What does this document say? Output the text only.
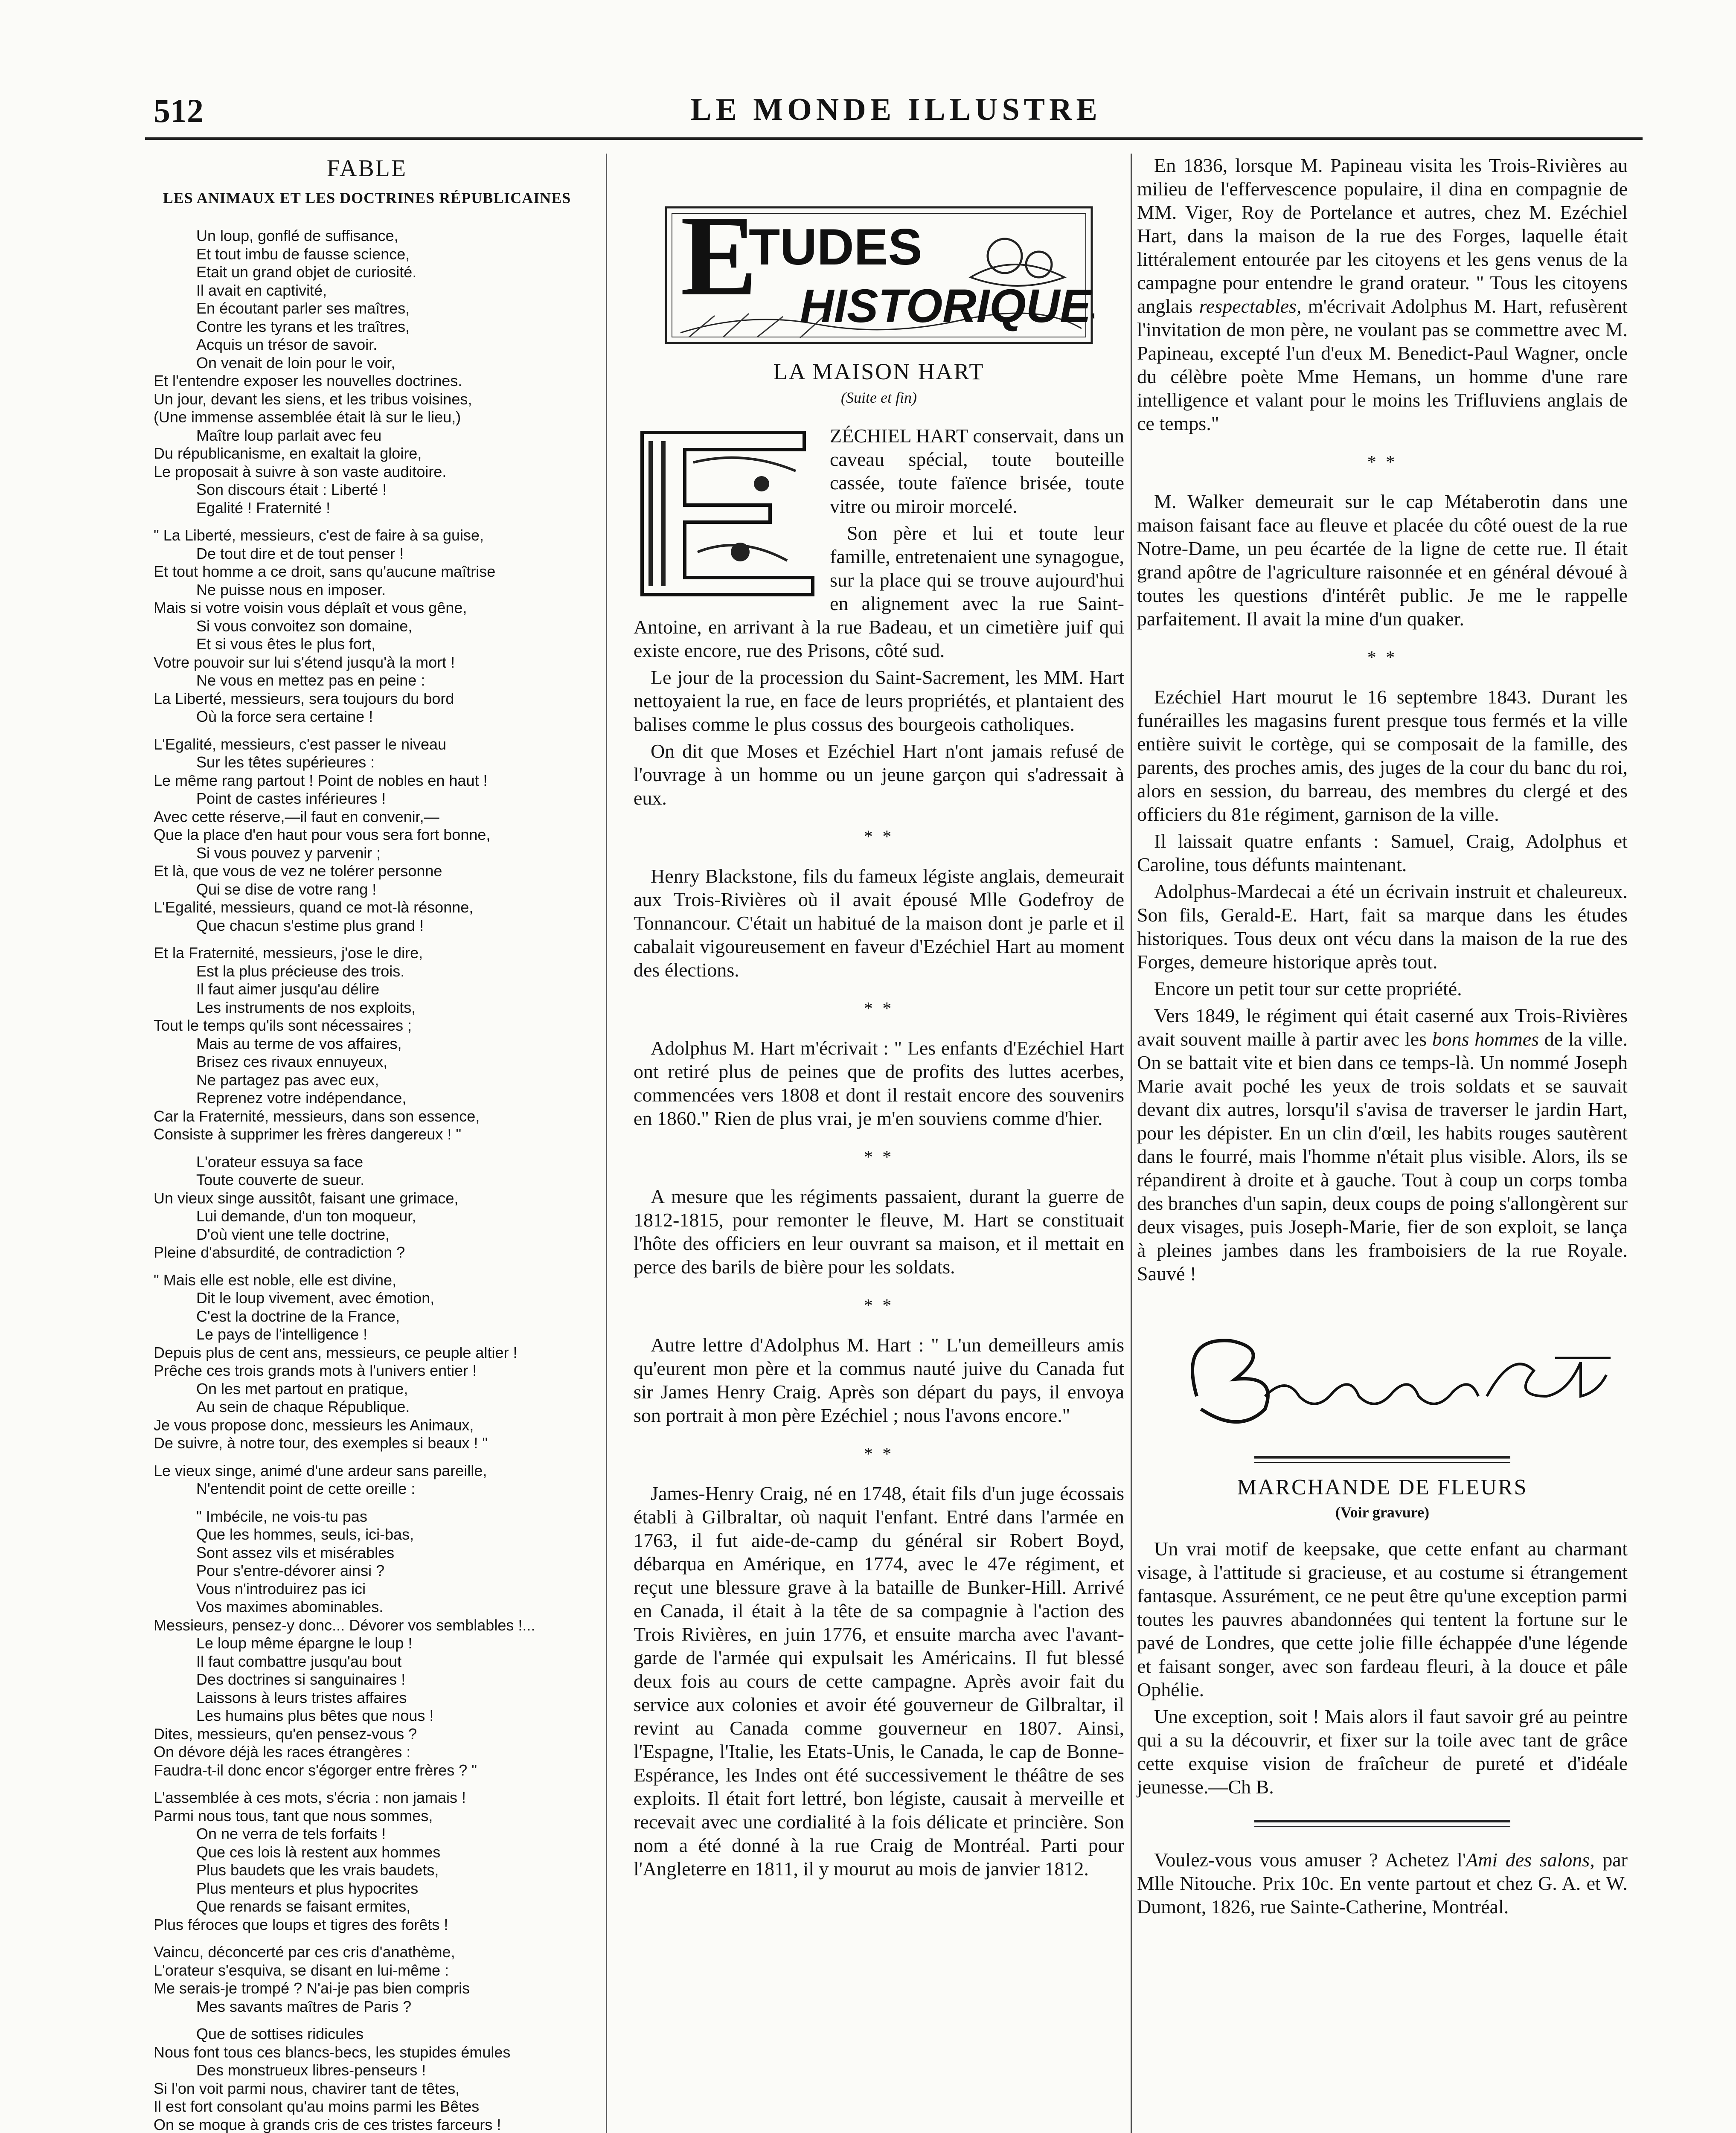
512	LE MONDE ILLUSTRE
FABLE
LES ANIMAUX ET LES DOCTRINES RÉPUBLICAINES
Un loup, gonflé de suffisance,
Et tout imbu de fausse science,
Etait un grand objet de curiosité.
Il avait en captivité,
En écoutant parler ses maîtres,
Contre les tyrans et les traîtres,
Acquis un trésor de savoir.
On venait de loin pour le voir,
Et l'entendre exposer les nouvelles doctrines.
Un jour, devant les siens, et les tribus voisines,
(Une immense assemblée était là sur le lieu,)
Maître loup parlait avec feu
Du républicanisme, en exaltait la gloire,
Le proposait à suivre à son vaste auditoire.
Son discours était : Liberté !
Egalité ! Fraternité !
" La Liberté, messieurs, c'est de faire à sa guise,
De tout dire et de tout penser !
Et tout homme a ce droit, sans qu'aucune maîtrise
Ne puisse nous en imposer.
Mais si votre voisin vous déplaît et vous gêne,
Si vous convoitez son domaine,
Et si vous êtes le plus fort,
Votre pouvoir sur lui s'étend jusqu'à la mort !
Ne vous en mettez pas en peine :
La Liberté, messieurs, sera toujours du bord
Où la force sera certaine !
L'Egalité, messieurs, c'est passer le niveau
Sur les têtes supérieures :
Le même rang partout ! Point de nobles en haut !
Point de castes inférieures !
Avec cette réserve,—il faut en convenir,—
Que la place d'en haut pour vous sera fort bonne,
Si vous pouvez y parvenir ;
Et là, que vous de vez ne tolérer personne
Qui se dise de votre rang !
L'Egalité, messieurs, quand ce mot-là résonne,
Que chacun s'estime plus grand !
Et la Fraternité, messieurs, j'ose le dire,
Est la plus précieuse des trois.
Il faut aimer jusqu'au délire
Les instruments de nos exploits,
Tout le temps qu'ils sont nécessaires ;
Mais au terme de vos affaires,
Brisez ces rivaux ennuyeux,
Ne partagez pas avec eux,
Reprenez votre indépendance,
Car la Fraternité, messieurs, dans son essence,
Consiste à supprimer les frères dangereux ! "
L'orateur essuya sa face
Toute couverte de sueur.
Un vieux singe aussitôt, faisant une grimace,
Lui demande, d'un ton moqueur,
D'où vient une telle doctrine,
Pleine d'absurdité, de contradiction ?
" Mais elle est noble, elle est divine,
Dit le loup vivement, avec émotion,
C'est la doctrine de la France,
Le pays de l'intelligence !
Depuis plus de cent ans, messieurs, ce peuple altier !
Prêche ces trois grands mots à l'univers entier !
On les met partout en pratique,
Au sein de chaque République.
Je vous propose donc, messieurs les Animaux,
De suivre, à notre tour, des exemples si beaux ! "
Le vieux singe, animé d'une ardeur sans pareille,
N'entendit point de cette oreille :
" Imbécile, ne vois-tu pas
Que les hommes, seuls, ici-bas,
Sont assez vils et misérables
Pour s'entre-dévorer ainsi ?
Vous n'introduirez pas ici
Vos maximes abominables.
Messieurs, pensez-y donc... Dévorer vos semblables !...
Le loup même épargne le loup !
Il faut combattre jusqu'au bout
Des doctrines si sanguinaires !
Laissons à leurs tristes affaires
Les humains plus bêtes que nous !
Dites, messieurs, qu'en pensez-vous ?
On dévore déjà les races étrangères :
Faudra-t-il donc encor s'égorger entre frères ? "
L'assemblée à ces mots, s'écria : non jamais !
Parmi nous tous, tant que nous sommes,
On ne verra de tels forfaits !
Que ces lois là restent aux hommes
Plus baudets que les vrais baudets,
Plus menteurs et plus hypocrites
Que renards se faisant ermites,
Plus féroces que loups et tigres des forêts !
Vaincu, déconcerté par ces cris d'anathème,
L'orateur s'esquiva, se disant en lui-même :
Me serais-je trompé ? N'ai-je pas bien compris
Mes savants maîtres de Paris ?
Que de sottises ridicules
Nous font tous ces blancs-becs, les stupides émules
Des monstrueux libres-penseurs !
Si l'on voit parmi nous, chavirer tant de têtes,
Il est fort consolant qu'au moins parmi les Bêtes
On se moque à grands cris de ces tristes farceurs !
E
TUDES
HISTORIQUES
LA MAISON HART
(Suite et fin)

ZÉCHIEL HART conservait, dans un caveau spécial, toute bouteille cassée, toute faïence brisée, toute vitre ou miroir morcelé.

Son père et lui et toute leur famille, entretenaient une synagogue, sur la place qui se trouve aujourd'hui en alignement avec la rue Saint-Antoine, en arrivant à la rue Badeau, et un cimetière juif qui existe encore, rue des Prisons, côté sud.

Le jour de la procession du Saint-Sacrement, les MM. Hart nettoyaient la rue, en face de leurs propriétés, et plantaient des balises comme le plus cossus des bourgeois catholiques.

On dit que Moses et Ezéchiel Hart n'ont jamais refusé de l'ouvrage à un homme ou un jeune garçon qui s'adressait à eux.

* *

Henry Blackstone, fils du fameux légiste anglais, demeurait aux Trois-Rivières où il avait épousé Mlle Godefroy de Tonnancour. C'était un habitué de la maison dont je parle et il cabalait vigoureusement en faveur d'Ezéchiel Hart au moment des élections.

* *

Adolphus M. Hart m'écrivait : " Les enfants d'Ezéchiel Hart ont retiré plus de peines que de profits des luttes acerbes, commencées vers 1808 et dont il restait encore des souvenirs en 1860." Rien de plus vrai, je m'en souviens comme d'hier.

* *

A mesure que les régiments passaient, durant la guerre de 1812-1815, pour remonter le fleuve, M. Hart se constituait l'hôte des officiers en leur ouvrant sa maison, et il mettait en perce des barils de bière pour les soldats.

* *

Autre lettre d'Adolphus M. Hart : " L'un demeilleurs amis qu'eurent mon père et la commus nauté juive du Canada fut sir James Henry Craig. Après son départ du pays, il envoya son portrait à mon père Ezéchiel ; nous l'avons encore."

* *

James-Henry Craig, né en 1748, était fils d'un juge écossais établi à Gilbraltar, où naquit l'enfant. Entré dans l'armée en 1763, il fut aide-de-camp du général sir Robert Boyd, débarqua en Amérique, en 1774, avec le 47e régiment, et reçut une blessure grave à la bataille de Bunker-Hill. Arrivé en Canada, il était à la tête de sa compagnie à l'action des Trois Rivières, en juin 1776, et ensuite marcha avec l'avant-garde de l'armée qui expulsait les Américains. Il fut blessé deux fois au cours de cette campagne. Après avoir fait du service aux colonies et avoir été gouverneur de Gilbraltar, il revint au Canada comme gouverneur en 1807. Ainsi, l'Espagne, l'Italie, les Etats-Unis, le Canada, le cap de Bonne-Espérance, les Indes ont été successivement le théâtre de ses exploits. Il était fort lettré, bon légiste, causait à merveille et recevait avec une cordialité à la fois délicate et princière. Son nom a été donné à la rue Craig de Montréal. Parti pour l'Angleterre en 1811, il y mourut au mois de janvier 1812.

En 1836, lorsque M. Papineau visita les Trois-Rivières au milieu de l'effervescence populaire, il dina en compagnie de MM. Viger, Roy de Portelance et autres, chez M. Ezéchiel Hart, dans la maison de la rue des Forges, laquelle était littéralement entourée par les citoyens et les gens venus de la campagne pour entendre le grand orateur. " Tous les citoyens anglais respectables, m'écrivait Adolphus M. Hart, refusèrent l'invitation de mon père, ne voulant pas se commettre avec M. Papineau, excepté l'un d'eux M. Benedict-Paul Wagner, oncle du célèbre poète Mme Hemans, un homme d'une rare intelligence et valant pour le moins les Trifluviens anglais de ce temps."

* *

M. Walker demeurait sur le cap Métaberotin dans une maison faisant face au fleuve et placée du côté ouest de la rue Notre-Dame, un peu écartée de la ligne de cette rue. Il était grand apôtre de l'agriculture raisonnée et en général dévoué à toutes les questions d'intérêt public. Je me le rappelle parfaitement. Il avait la mine d'un quaker.

* *

Ezéchiel Hart mourut le 16 septembre 1843. Durant les funérailles les magasins furent presque tous fermés et la ville entière suivit le cortège, qui se composait de la famille, des parents, des proches amis, des juges de la cour du banc du roi, alors en session, du barreau, des membres du clergé et des officiers du 81e régiment, garnison de la ville.

Il laissait quatre enfants : Samuel, Craig, Adolphus et Caroline, tous défunts maintenant.

Adolphus-Mardecai a été un écrivain instruit et chaleureux. Son fils, Gerald-E. Hart, fait sa marque dans les études historiques. Tous deux ont vécu dans la maison de la rue des Forges, demeure historique après tout.

Encore un petit tour sur cette propriété.

Vers 1849, le régiment qui était caserné aux Trois-Rivières avait souvent maille à partir avec les bons hommes de la ville. On se battait vite et bien dans ce temps-là. Un nommé Joseph Marie avait poché les yeux de trois soldats et se sauvait devant dix autres, lorsqu'il s'avisa de traverser le jardin Hart, pour les dépister. En un clin d'œil, les habits rouges sautèrent dans le fourré, mais l'homme n'était plus visible. Alors, ils se répandirent à droite et à gauche. Tout à coup un corps tomba des branches d'un sapin, deux coups de poing s'allongèrent sur deux visages, puis Joseph-Marie, fier de son exploit, se lança à pleines jambes dans les framboisiers de la rue Royale. Sauvé !

MARCHANDE DE FLEURS
(Voir gravure)

Un vrai motif de keepsake, que cette enfant au charmant visage, à l'attitude si gracieuse, et au costume si étrangement fantasque. Assurément, ce ne peut être qu'une exception parmi toutes les pauvres abandonnées qui tentent la fortune sur le pavé de Londres, que cette jolie fille échappée d'une légende et faisant songer, avec son fardeau fleuri, à la douce et pâle Ophélie.

Une exception, soit ! Mais alors il faut savoir gré au peintre qui a su la découvrir, et fixer sur la toile avec tant de grâce cette exquise vision de fraîcheur de pureté et d'idéale jeunesse.—Ch B.

Voulez-vous vous amuser ? Achetez l'Ami des salons, par Mlle Nitouche. Prix 10c. En vente partout et chez G. A. et W. Dumont, 1826, rue Sainte-Catherine, Montréal.
